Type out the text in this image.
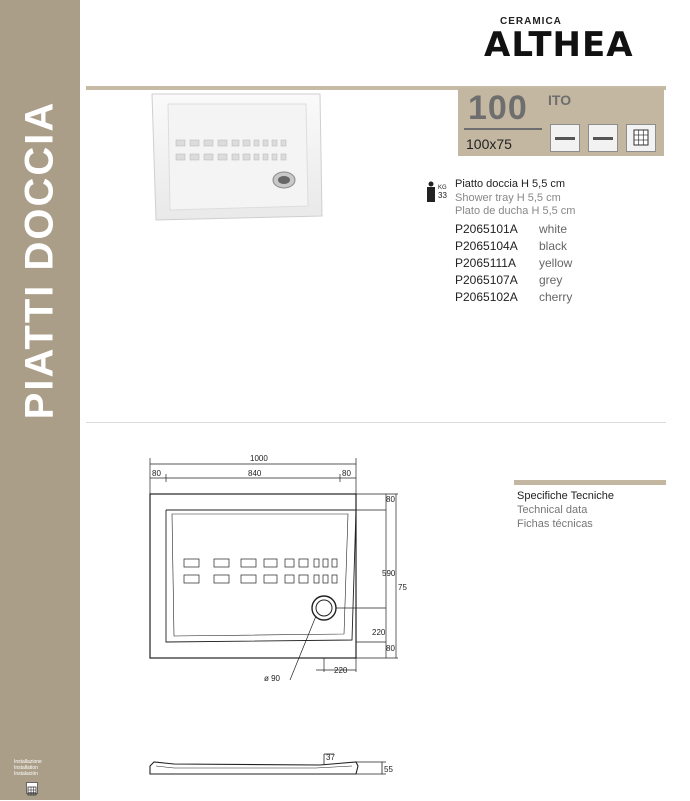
PIATTI DOCCIA
Installazione
Installation
Instalación
CERAMICA
ALTHEA
100 ITO
100x75
KG
33
Piatto doccia H 5,5 cm
Shower tray H 5,5 cm
Plato de ducha H 5,5 cm
P2065101A white
P2065104A black
P2065111A yellow
P2065107A grey
P2065102A cherry
1000
80	840	80
80
590
75
220
80
220
ø 90
37
55
Specifiche Tecniche
Technical data
Fichas técnicas
